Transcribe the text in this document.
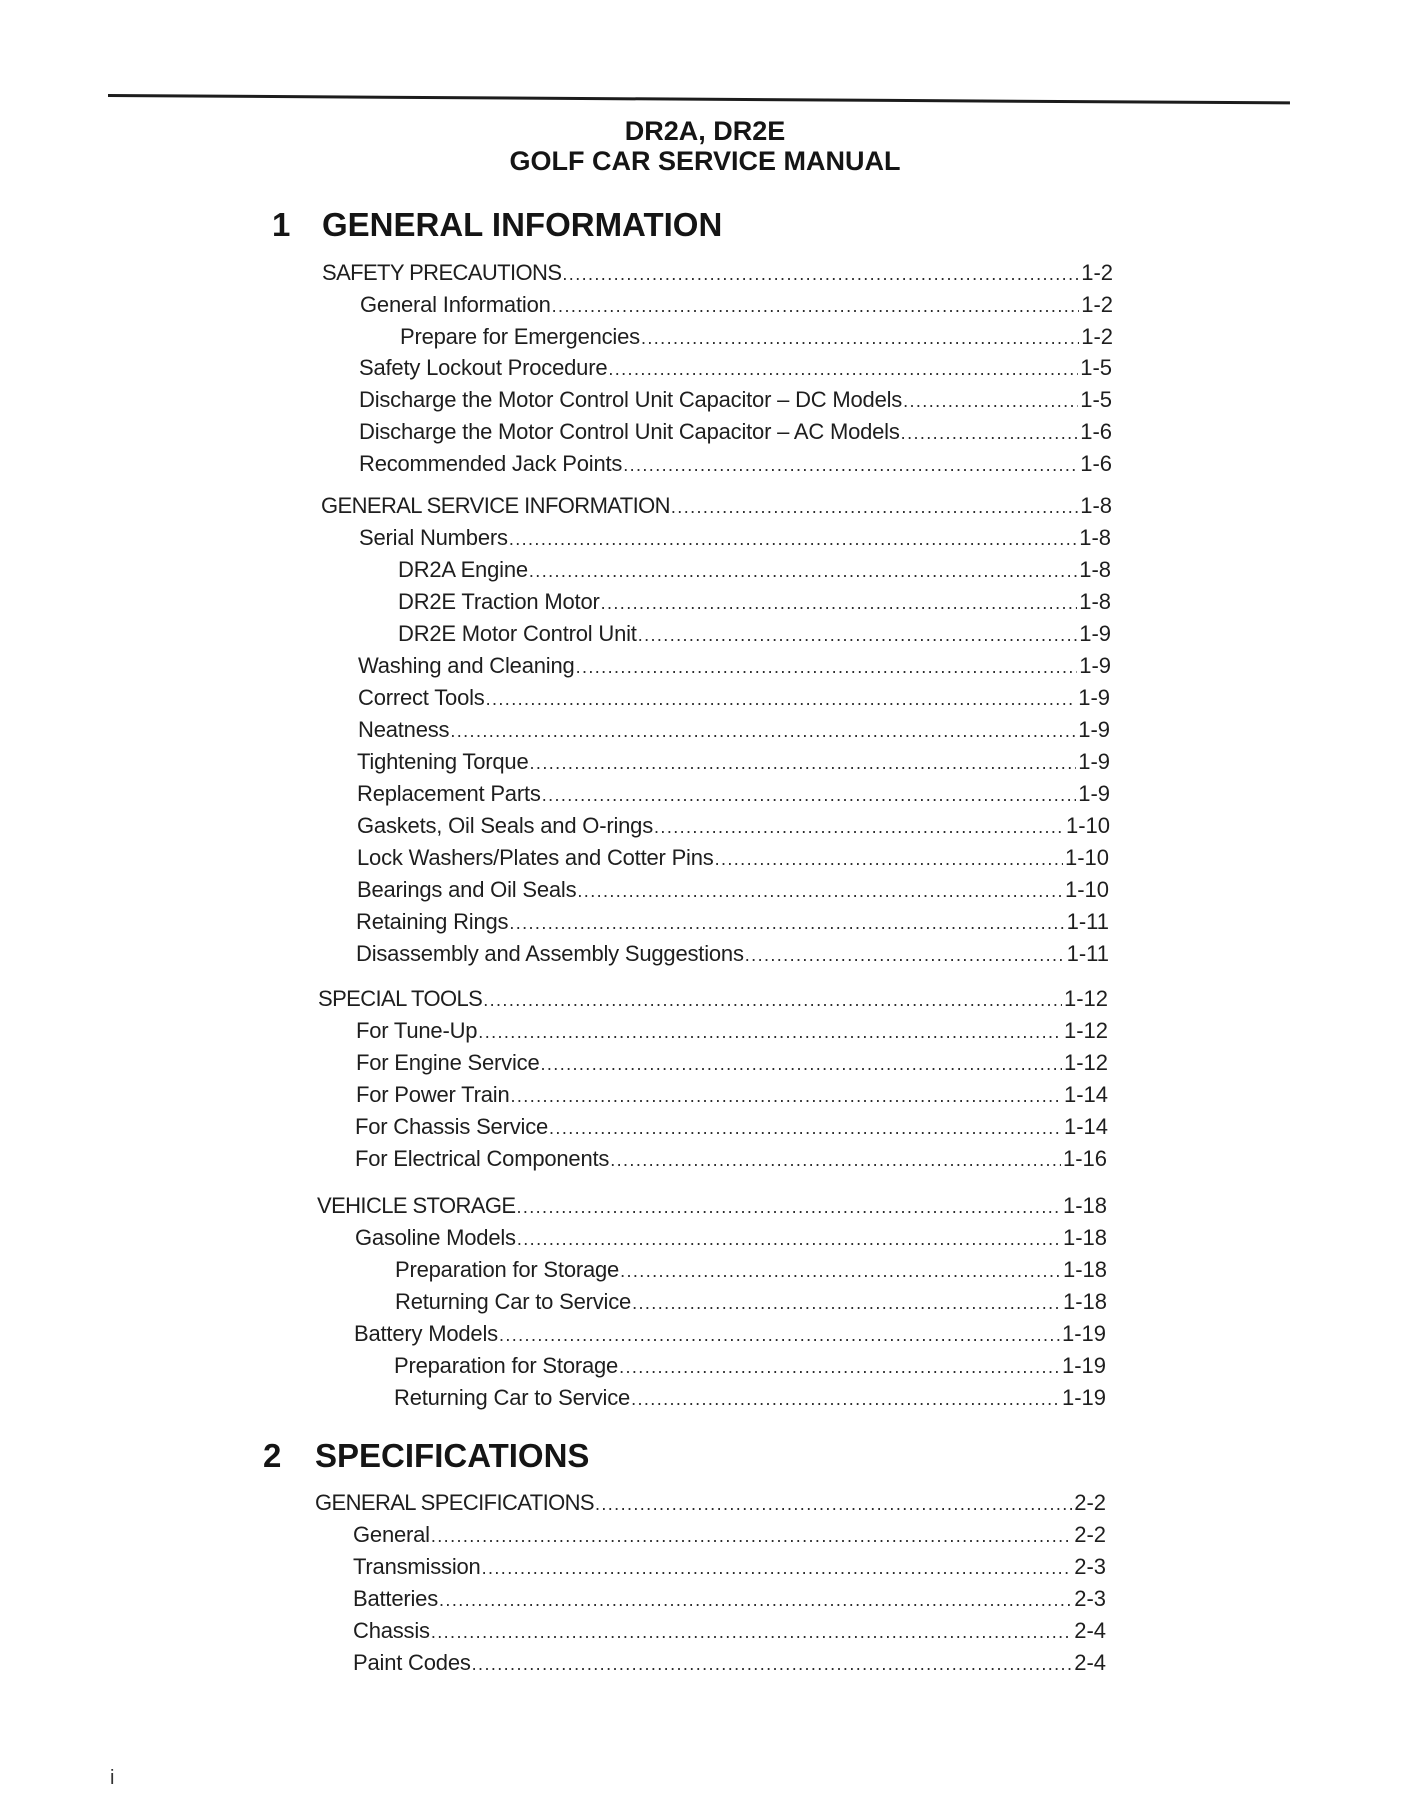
DR2A, DR2E
GOLF CAR SERVICE MANUAL
1 GENERAL INFORMATION
SAFETY PRECAUTIONS .....	1-2
General Information .....	1-2
Prepare for Emergencies .....	1-2
Safety Lockout Procedure .....	1-5
Discharge the Motor Control Unit Capacitor – DC Models .....	1-5
Discharge the Motor Control Unit Capacitor – AC Models .....	1-6
Recommended Jack Points .....	1-6
GENERAL SERVICE INFORMATION .....	1-8
Serial Numbers .....	1-8
DR2A Engine .....	1-8
DR2E Traction Motor .....	1-8
DR2E Motor Control Unit .....	1-9
Washing and Cleaning .....	1-9
Correct Tools .....	1-9
Neatness .....	1-9
Tightening Torque .....	1-9
Replacement Parts .....	1-9
Gaskets, Oil Seals and O-rings .....	1-10
Lock Washers/Plates and Cotter Pins .....	1-10
Bearings and Oil Seals .....	1-10
Retaining Rings .....	1-11
Disassembly and Assembly Suggestions .....	1-11
SPECIAL TOOLS .....	1-12
For Tune-Up .....	1-12
For Engine Service .....	1-12
For Power Train .....	1-14
For Chassis Service .....	1-14
For Electrical Components .....	1-16
VEHICLE STORAGE .....	1-18
Gasoline Models .....	1-18
Preparation for Storage .....	1-18
Returning Car to Service .....	1-18
Battery Models .....	1-19
Preparation for Storage .....	1-19
Returning Car to Service .....	1-19
2 SPECIFICATIONS
GENERAL SPECIFICATIONS .....	2-2
General .....	2-2
Transmission .....	2-3
Batteries .....	2-3
Chassis .....	2-4
Paint Codes .....	2-4
i
